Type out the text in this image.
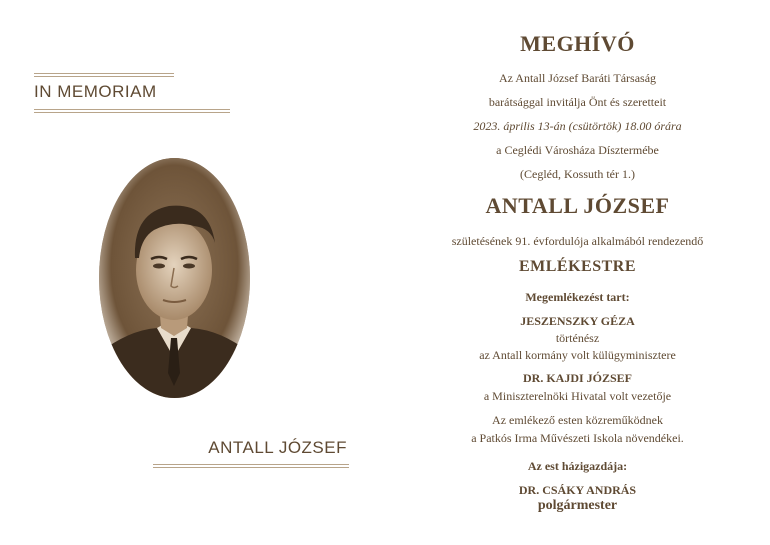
IN MEMORIAM
ANTALL JÓZSEF
MEGHÍVÓ
Az Antall József Baráti Társaság
barátsággal invitálja Önt és szeretteit
2023. április 13-án (csütörtök) 18.00 órára
a Ceglédi Városháza Dísztermébe
(Cegléd, Kossuth tér 1.)
ANTALL JÓZSEF
születésének 91. évfordulója alkalmából rendezendő
EMLÉKESTRE
Megemlékezést tart:
JESZENSZKY GÉZA
történész
az Antall kormány volt külügyminisztere
DR. KAJDI JÓZSEF
a Miniszterelnöki Hivatal volt vezetője
Az emlékező esten közreműködnek
a Patkós Irma Művészeti Iskola növendékei.
Az est házigazdája:
DR. CSÁKY ANDRÁS
polgármester
